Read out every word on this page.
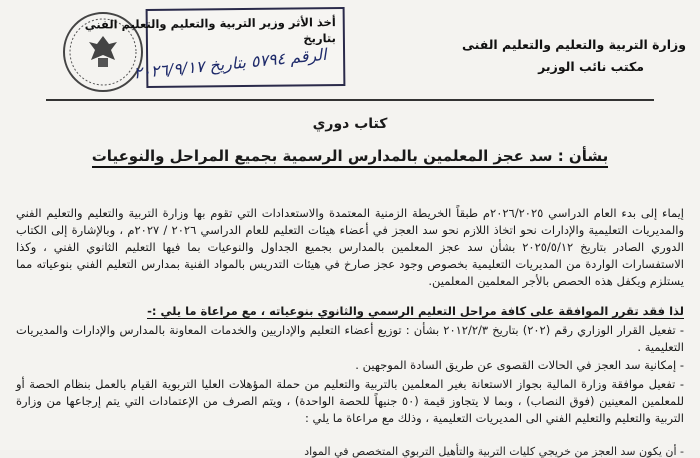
وزارة التربية والتعليم والتعليم الفنى
مكتب نائب الوزير
أخذ الأثر وزير التربية والتعليم والتعليم الفني
بتاريخ
الرقم ٥٧٩٤ بتاريخ ٢٠٢٦/٩/١٧
كتاب دوري
بشأن : سد عجز المعلمين بالمدارس الرسمية بجميع المراحل والنوعيات
إيماء إلى بدء العام الدراسي ٢٠٢٦/٢٠٢٥م طبقاً الخريطة الزمنية المعتمدة والاستعدادات التي تقوم بها وزارة التربية والتعليم والتعليم الفني والمديريات التعليمية والإدارات نحو اتخاذ اللازم نحو سد العجز في أعضاء هيئات التعليم للعام الدراسي ٢٠٢٦ / ٢٠٢٧م ، وبالإشارة إلى الكتاب الدوري الصادر بتاريخ ٢٠٢٥/٥/١٢ بشأن سد عجز المعلمين بالمدارس بجميع الجداول والنوعيات بما فيها التعليم الثانوي الفني ، وكذا الاستفسارات الواردة من المديريات التعليمية بخصوص وجود عجز صارخ في هيئات التدريس بالمواد الفنية بمدارس التعليم الفني بنوعياته مما يستلزم ويكفل هذه الحصص بالأجر المعلمين المعلمين.
لذا فقد تقرر الموافقة على كافة مراحل التعليم الرسمي والثانوي بنوعياته ، مع مراعاة ما يلي :-
- تفعيل القرار الوزاري رقم (٢٠٢) بتاريخ ٢٠١٢/٢/٣ بشأن : توزيع أعضاء التعليم والإداريين والخدمات المعاونة بالمدارس والإدارات والمديريات التعليمية .
- إمكانية سد العجز في الحالات القصوى عن طريق السادة الموجهين .
- تفعيل موافقة وزارة المالية بجواز الاستعانة بغير المعلمين بالتربية والتعليم من حملة المؤهلات العليا التربوية القيام بالعمل بنظام الحصة أو للمعلمين المعينين (فوق النصاب) ، وبما لا يتجاوز قيمة (٥٠ جنيهاً للحصة الواحدة) ، ويتم الصرف من الإعتمادات التي يتم إرجاعها من وزارة التربية والتعليم والتعليم الفني الى المديريات التعليمية ، وذلك مع مراعاة ما يلي :
- أن يكون سد العجز من خريجي كليات التربية والتأهيل التربوي المتخصص في المواد
